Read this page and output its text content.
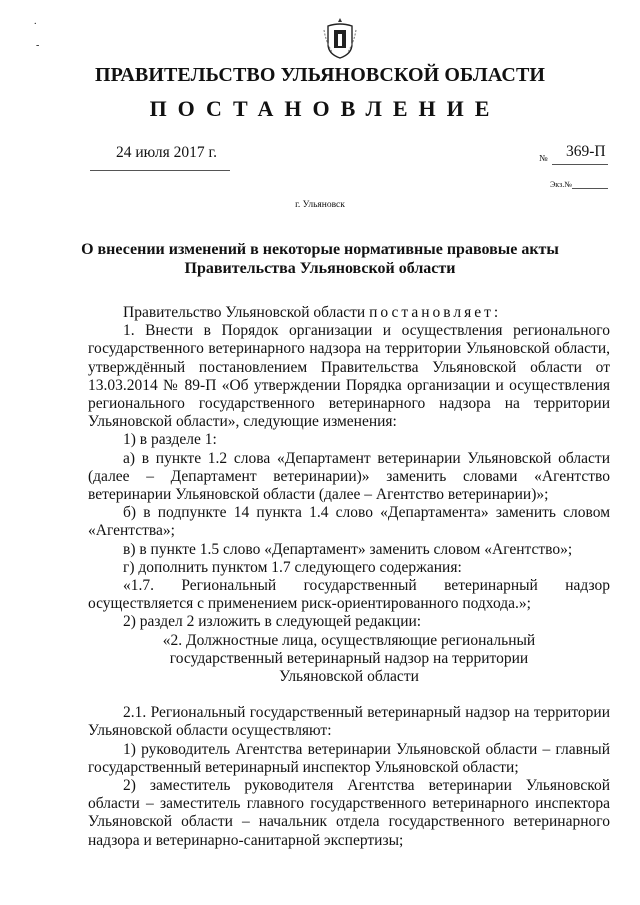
.
-
ПРАВИТЕЛЬСТВО УЛЬЯНОВСКОЙ ОБЛАСТИ
ПОСТАНОВЛЕНИЕ
24 июля 2017 г.	№ 369-П
Экз.№
г. Ульяновск
О внесении изменений в некоторые нормативные правовые акты
Правительства Ульяновской области

Правительство Ульяновской области постановляет:

1. Внести в Порядок организации и осуществления регионального государственного ветеринарного надзора на территории Ульяновской области, утверждённый постановлением Правительства Ульяновской области от 13.03.2014 № 89-П «Об утверждении Порядка организации и осуществления регионального государственного ветеринарного надзора на территории Ульяновской области», следующие изменения:

1) в разделе 1:

а) в пункте 1.2 слова «Департамент ветеринарии Ульяновской области (далее – Департамент ветеринарии)» заменить словами «Агентство ветеринарии Ульяновской области (далее – Агентство ветеринарии)»;

б) в подпункте 14 пункта 1.4 слово «Департамента» заменить словом «Агентства»;

в) в пункте 1.5 слово «Департамент» заменить словом «Агентство»;

г) дополнить пунктом 1.7 следующего содержания:

«1.7. Региональный государственный ветеринарный надзор осуществляется с применением риск-ориентированного подхода.»;

2) раздел 2 изложить в следующей редакции:

«2. Должностные лица, осуществляющие региональный государственный ветеринарный надзор на территории Ульяновской области

2.1. Региональный государственный ветеринарный надзор на территории Ульяновской области осуществляют:

1) руководитель Агентства ветеринарии Ульяновской области – главный государственный ветеринарный инспектор Ульяновской области;

2) заместитель руководителя Агентства ветеринарии Ульяновской области – заместитель главного государственного ветеринарного инспектора Ульяновской области – начальник отдела государственного ветеринарного надзора и ветеринарно-санитарной экспертизы;
